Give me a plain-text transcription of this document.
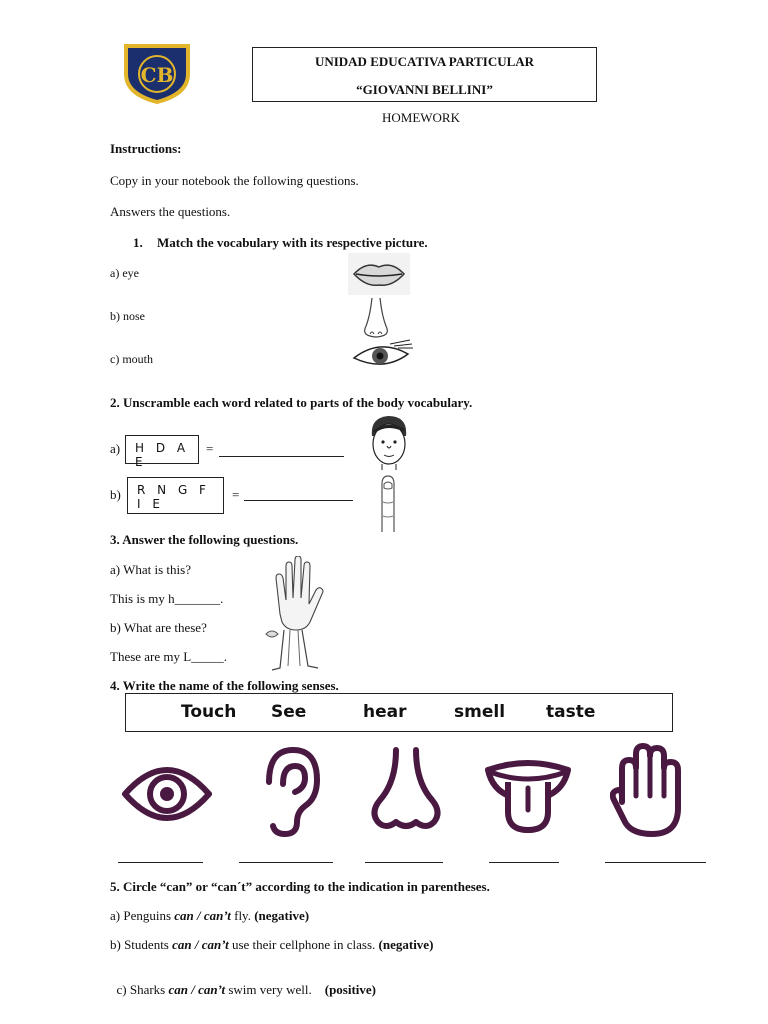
CB
UNIDAD EDUCATIVA PARTICULAR
“GIOVANNI BELLINI”
HOMEWORK
Instructions:
Copy in your notebook the following questions.
Answers the questions.
1. Match the vocabulary with its respective picture.
a) eye
b) nose
c) mouth
2. Unscramble each word related to parts of the body vocabulary.
a)	H D A E
=
b)	R N G F I E
=
3. Answer the following questions.
a) What is this?
This is my h_______.
b) What are these?
These are my L_____.
4. Write the name of the following senses.
Touch See	hear	smell taste
5. Circle “can” or “can´t” according to the indication in parentheses.
a) Penguins can / can’t fly. (negative)
b) Students can / can’t use their cellphone in class. (negative)

c) Sharks can / can’t swim very well.    (positive)
